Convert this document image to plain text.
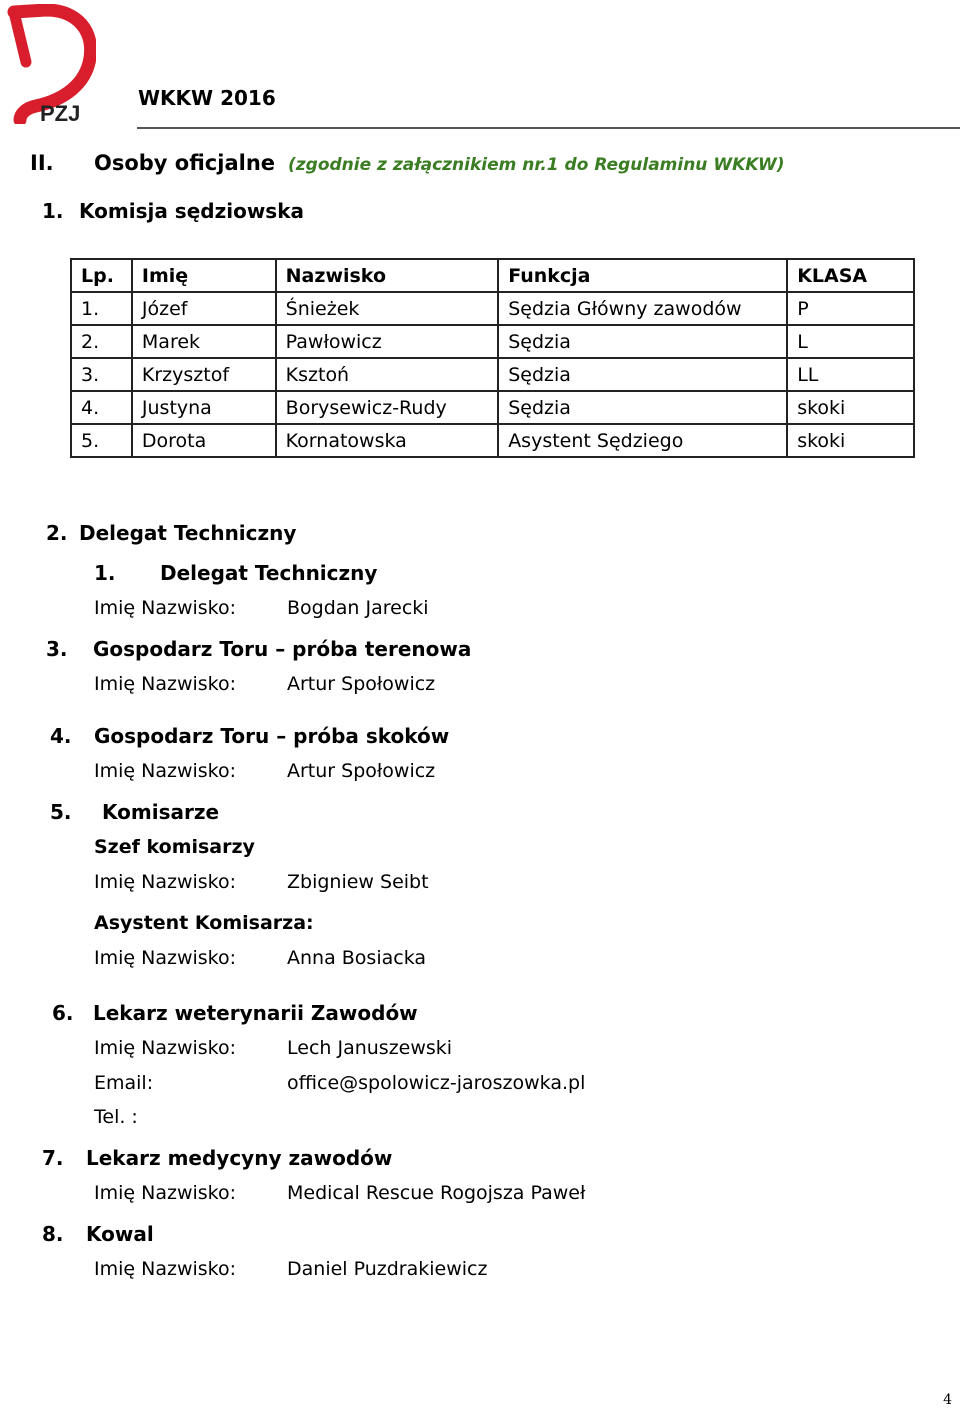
PZJ
WKKW 2016
II. Osoby oficjalne (zgodnie z załącznikiem nr.1 do Regulaminu WKKW)
1. Komisja sędziowska
Lp.	Imię	Nazwisko	Funkcja	KLASA
1.	Józef	Śnieżek	Sędzia Główny zawodów	P
2.	Marek	Pawłowicz	Sędzia	L
3.	Krzysztof	Ksztoń	Sędzia	LL
4.	Justyna	Borysewicz-Rudy	Sędzia	skoki
5.	Dorota	Kornatowska	Asystent Sędziego	skoki
2. Delegat Techniczny
1. Delegat Techniczny
Imię Nazwisko:	Bogdan Jarecki
3. Gospodarz Toru – próba terenowa
Imię Nazwisko:	Artur Społowicz
4. Gospodarz Toru – próba skoków
Imię Nazwisko:	Artur Społowicz
5. Komisarze
Szef komisarzy
Imię Nazwisko:	Zbigniew Seibt
Asystent Komisarza:
Imię Nazwisko:	Anna Bosiacka
6. Lekarz weterynarii Zawodów
Imię Nazwisko:	Lech Januszewski
Email:	office@spolowicz-jaroszowka.pl
Tel. :
7. Lekarz medycyny zawodów
Imię Nazwisko:	Medical Rescue Rogojsza Paweł
8. Kowal
Imię Nazwisko:	Daniel Puzdrakiewicz
4
